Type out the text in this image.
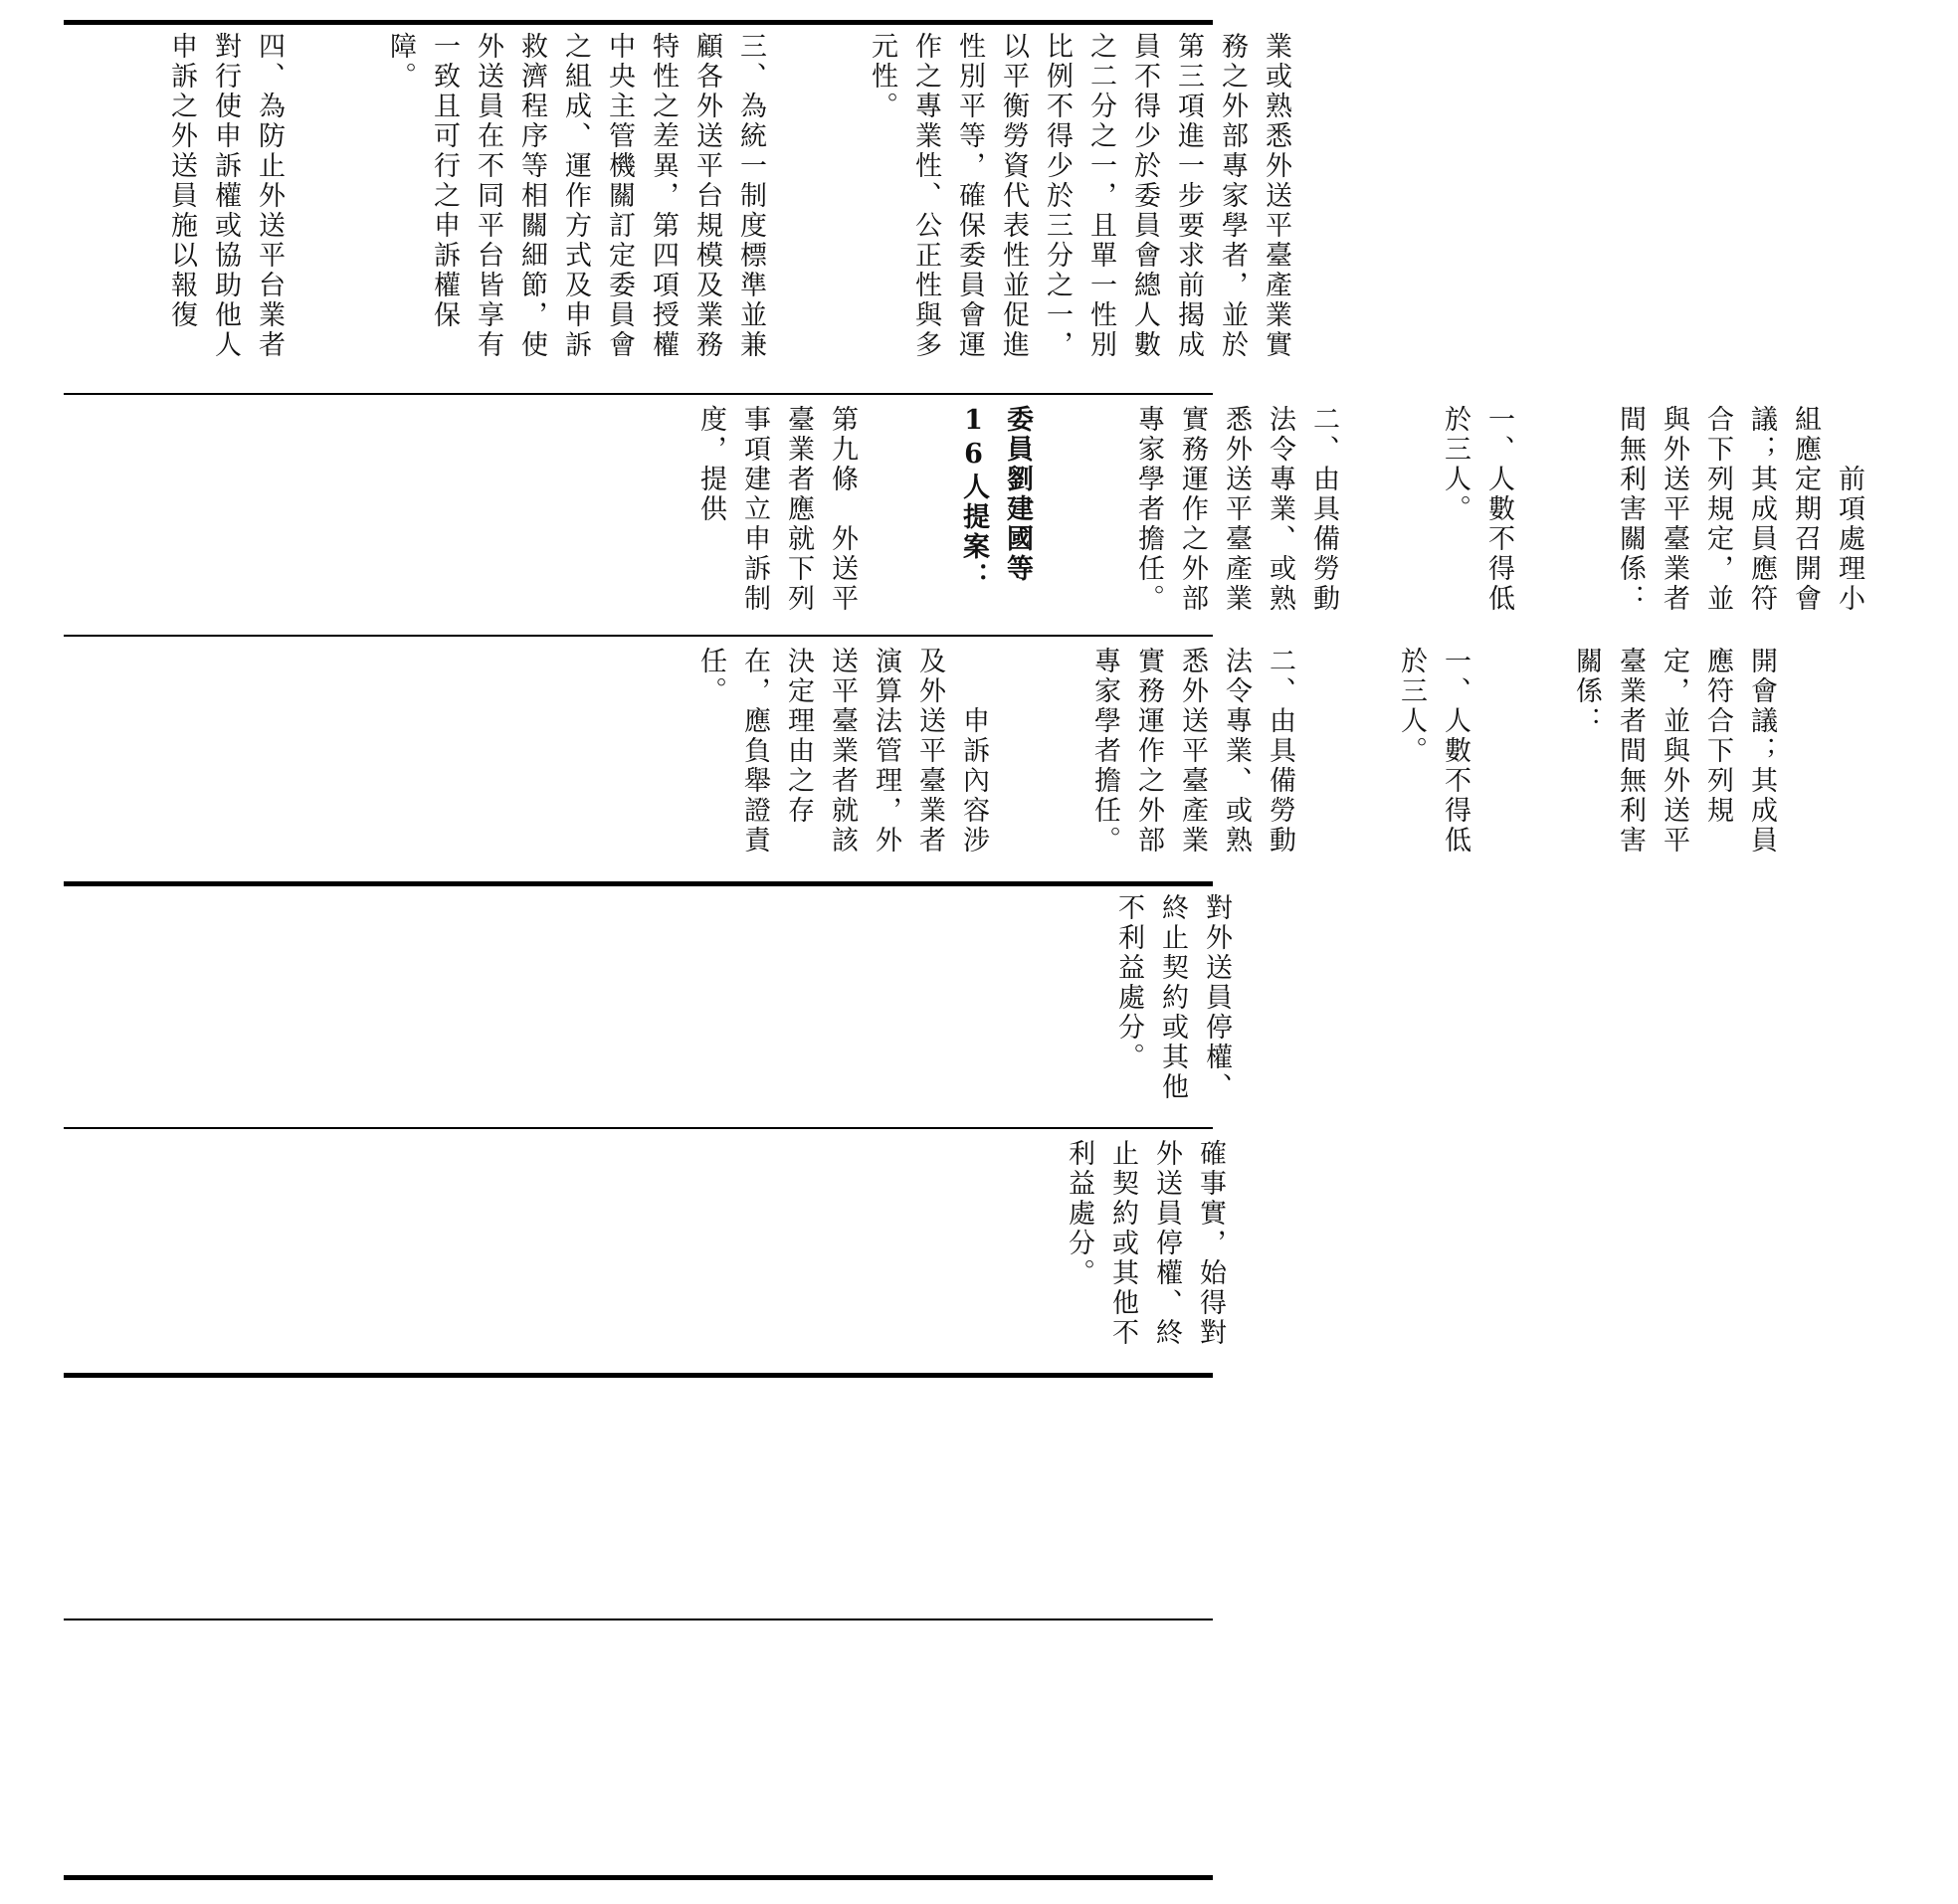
業或熟悉外送平臺產業實務之外部專家學者，並於第三項進一步要求前揭成員不得少於委員會總人數之二分之一，且單一性別比例不得少於三分之一，以平衡勞資代表性並促進性別平等，確保委員會運作之專業性、公正性與多元性。

三、為統一制度標準並兼顧各外送平台規模及業務特性之差異，第四項授權中央主管機關訂定委員會之組成、運作方式及申訴救濟程序等相關細節，使外送員在不同平台皆享有一致且可行之申訴權保障。

四、為防止外送平台業者對行使申訴權或協助他人申訴之外送員施以報復

　　前項處理小組應定期召開會議；其成員應符合下列規定，並與外送平臺業者間無利害關係：

一、人數不得低於三人。

二、由具備勞動法令專業、或熟悉外送平臺產業實務運作之外部專家學者擔任。

委員劉建國等16人提案：

第九條　外送平臺業者應就下列事項建立申訴制度，提供

開會議；其成員應符合下列規定，並與外送平臺業者間無利害關係：

一、人數不得低於三人。

二、由具備勞動法令專業、或熟悉外送平臺產業實務運作之外部專家學者擔任。

　　申訴內容涉及外送平臺業者演算法管理，外送平臺業者就該決定理由之存在，應負舉證責任。

對外送員停權、終止契約或其他不利益處分。

確事實，始得對外送員停權、終止契約或其他不利益處分。
